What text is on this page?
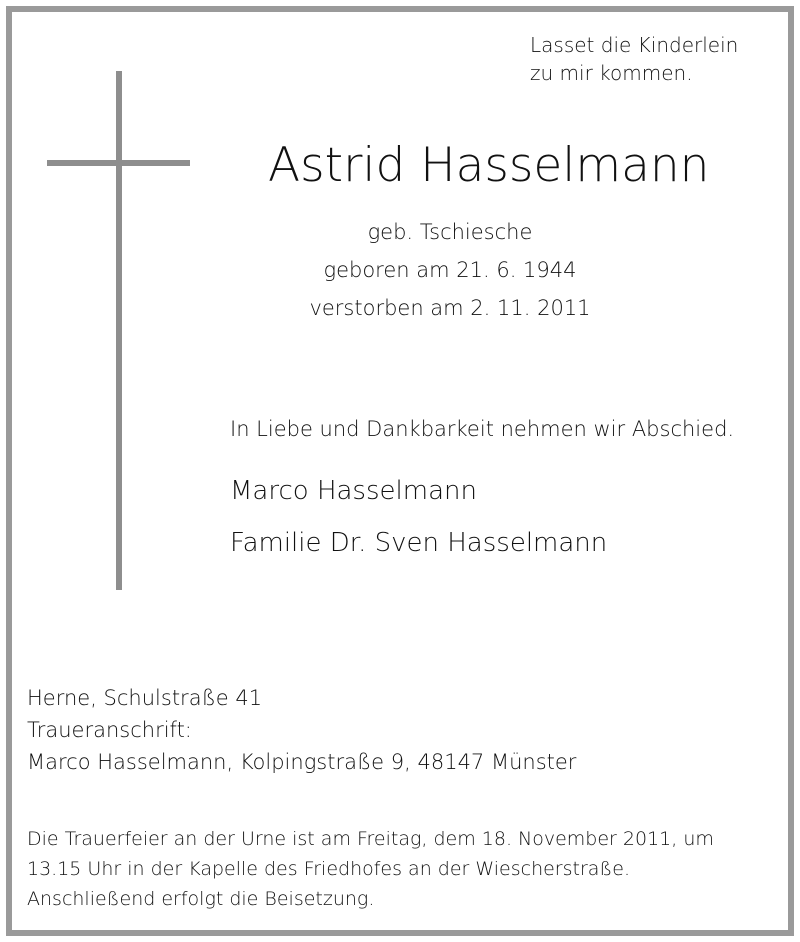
Lasset die Kinderlein
zu mir kommen.
Astrid Hasselmann
geb. Tschiesche
geboren am 21. 6. 1944
verstorben am 2. 11. 2011
In Liebe und Dankbarkeit nehmen wir Abschied.
Marco Hasselmann
Familie Dr. Sven Hasselmann
Herne, Schulstraße 41
Traueranschrift:
Marco Hasselmann, Kolpingstraße 9, 48147 Münster
Die Trauerfeier an der Urne ist am Freitag, dem 18. November 2011, um
13.15 Uhr in der Kapelle des Friedhofes an der Wiescherstraße.
Anschließend erfolgt die Beisetzung.
